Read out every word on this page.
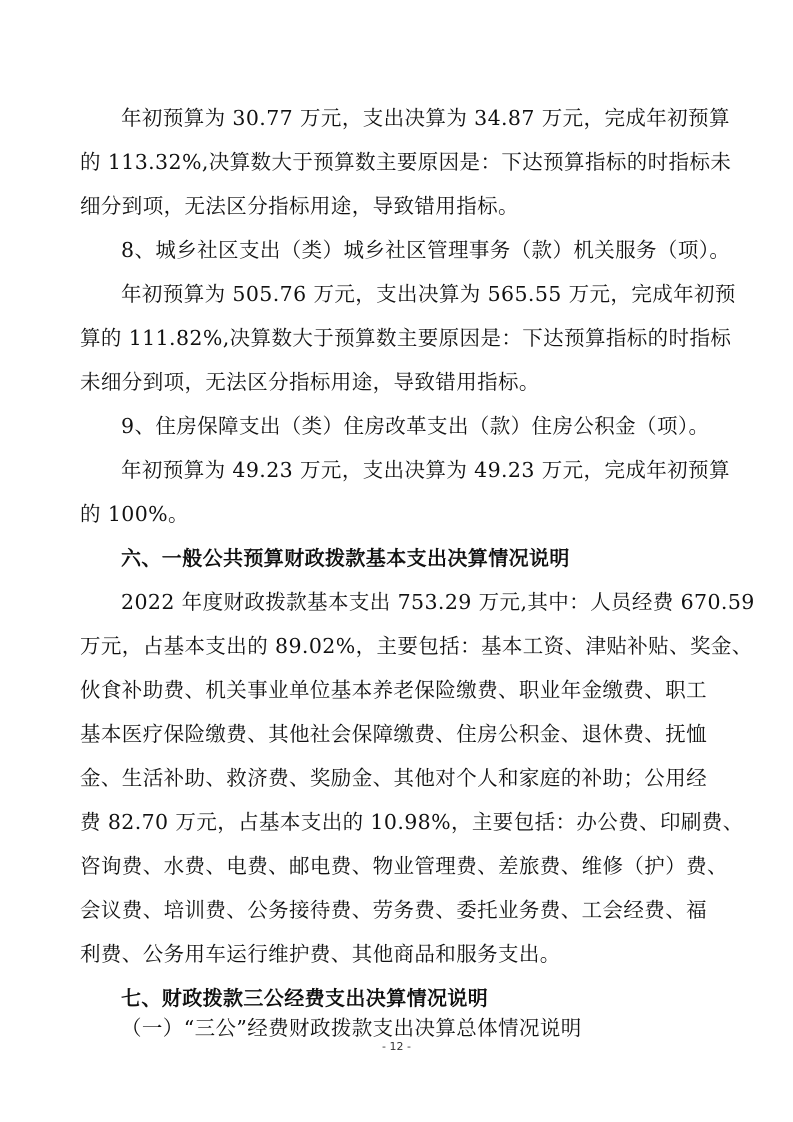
年初预算为 30.77 万元，支出决算为 34.87 万元，完成年初预算
的 113.32%,决算数大于预算数主要原因是：下达预算指标的时指标未
细分到项，无法区分指标用途，导致错用指标。
8、城乡社区支出（类）城乡社区管理事务（款）机关服务（项）。
年初预算为 505.76 万元，支出决算为 565.55 万元，完成年初预
算的 111.82%,决算数大于预算数主要原因是：下达预算指标的时指标
未细分到项，无法区分指标用途，导致错用指标。
9、住房保障支出（类）住房改革支出（款）住房公积金（项）。
年初预算为 49.23 万元，支出决算为 49.23 万元，完成年初预算
的 100%。
六、一般公共预算财政拨款基本支出决算情况说明
2022 年度财政拨款基本支出 753.29 万元,其中：人员经费 670.59
万元，占基本支出的 89.02%，主要包括：基本工资、津贴补贴、奖金、
伙食补助费、机关事业单位基本养老保险缴费、职业年金缴费、职工
基本医疗保险缴费、其他社会保障缴费、住房公积金、退休费、抚恤
金、生活补助、救济费、奖励金、其他对个人和家庭的补助；公用经
费 82.70 万元，占基本支出的 10.98%，主要包括：办公费、印刷费、
咨询费、水费、电费、邮电费、物业管理费、差旅费、维修（护）费、
会议费、培训费、公务接待费、劳务费、委托业务费、工会经费、福
利费、公务用车运行维护费、其他商品和服务支出。
七、财政拨款三公经费支出决算情况说明
（一）“三公”经费财政拨款支出决算总体情况说明
- 12 -
